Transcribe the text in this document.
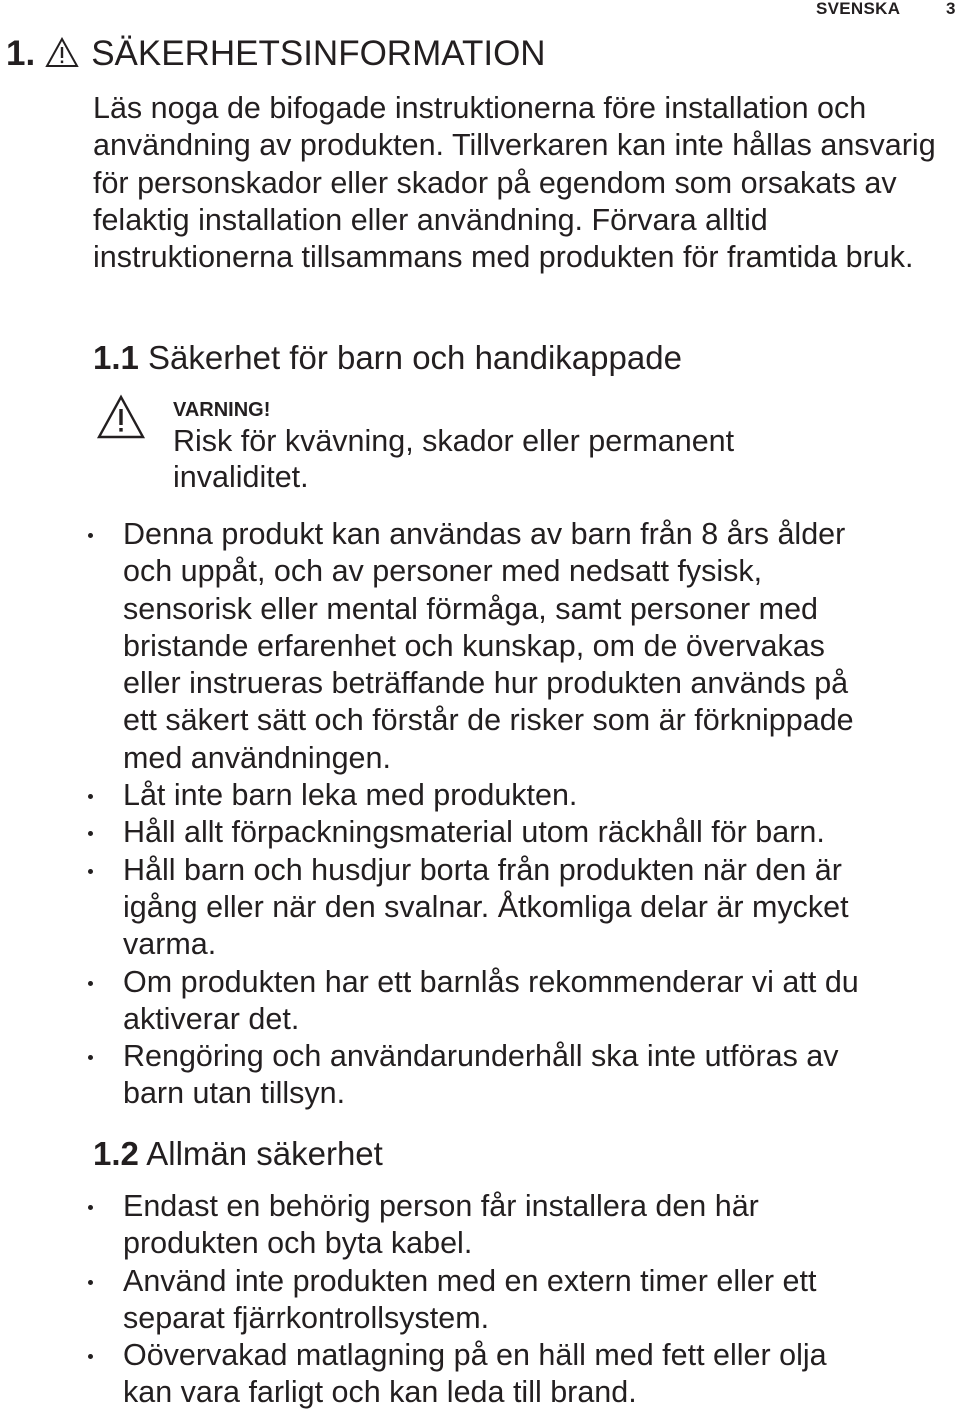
SVENSKA	3
1. SÄKERHETSINFORMATION

Läs noga de bifogade instruktionerna före installation och användning av produkten. Tillverkaren kan inte hållas ansvarig för personskador eller skador på egendom som orsakats av felaktig installation eller användning. Förvara alltid instruktionerna tillsammans med produkten för framtida bruk.

1.1 Säkerhet för barn och handikappade
VARNING!

Risk för kvävning, skador eller permanent invaliditet.

Denna produkt kan användas av barn från 8 års ålder
och uppåt, och av personer med nedsatt fysisk,
sensorisk eller mental förmåga, samt personer med
bristande erfarenhet och kunskap, om de övervakas
eller instrueras beträffande hur produkten används på
ett säkert sätt och förstår de risker som är förknippade
med användningen.
Låt inte barn leka med produkten.
Håll allt förpackningsmaterial utom räckhåll för barn.
Håll barn och husdjur borta från produkten när den är
igång eller när den svalnar. Åtkomliga delar är mycket
varma.
Om produkten har ett barnlås rekommenderar vi att du
aktiverar det.
Rengöring och användarunderhåll ska inte utföras av
barn utan tillsyn.
1.2 Allmän säkerhet
Endast en behörig person får installera den här
produkten och byta kabel.
Använd inte produkten med en extern timer eller ett
separat fjärrkontrollsystem.
Oövervakad matlagning på en häll med fett eller olja
kan vara farligt och kan leda till brand.
